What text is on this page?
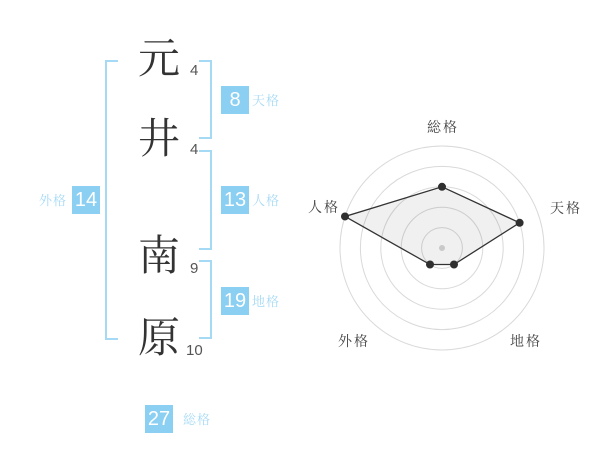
元 4
井 4
南 9
原 10
8 天格
13 人格
19 地格
14
外格
27 総格
総格
天格
地格
外格
人格
